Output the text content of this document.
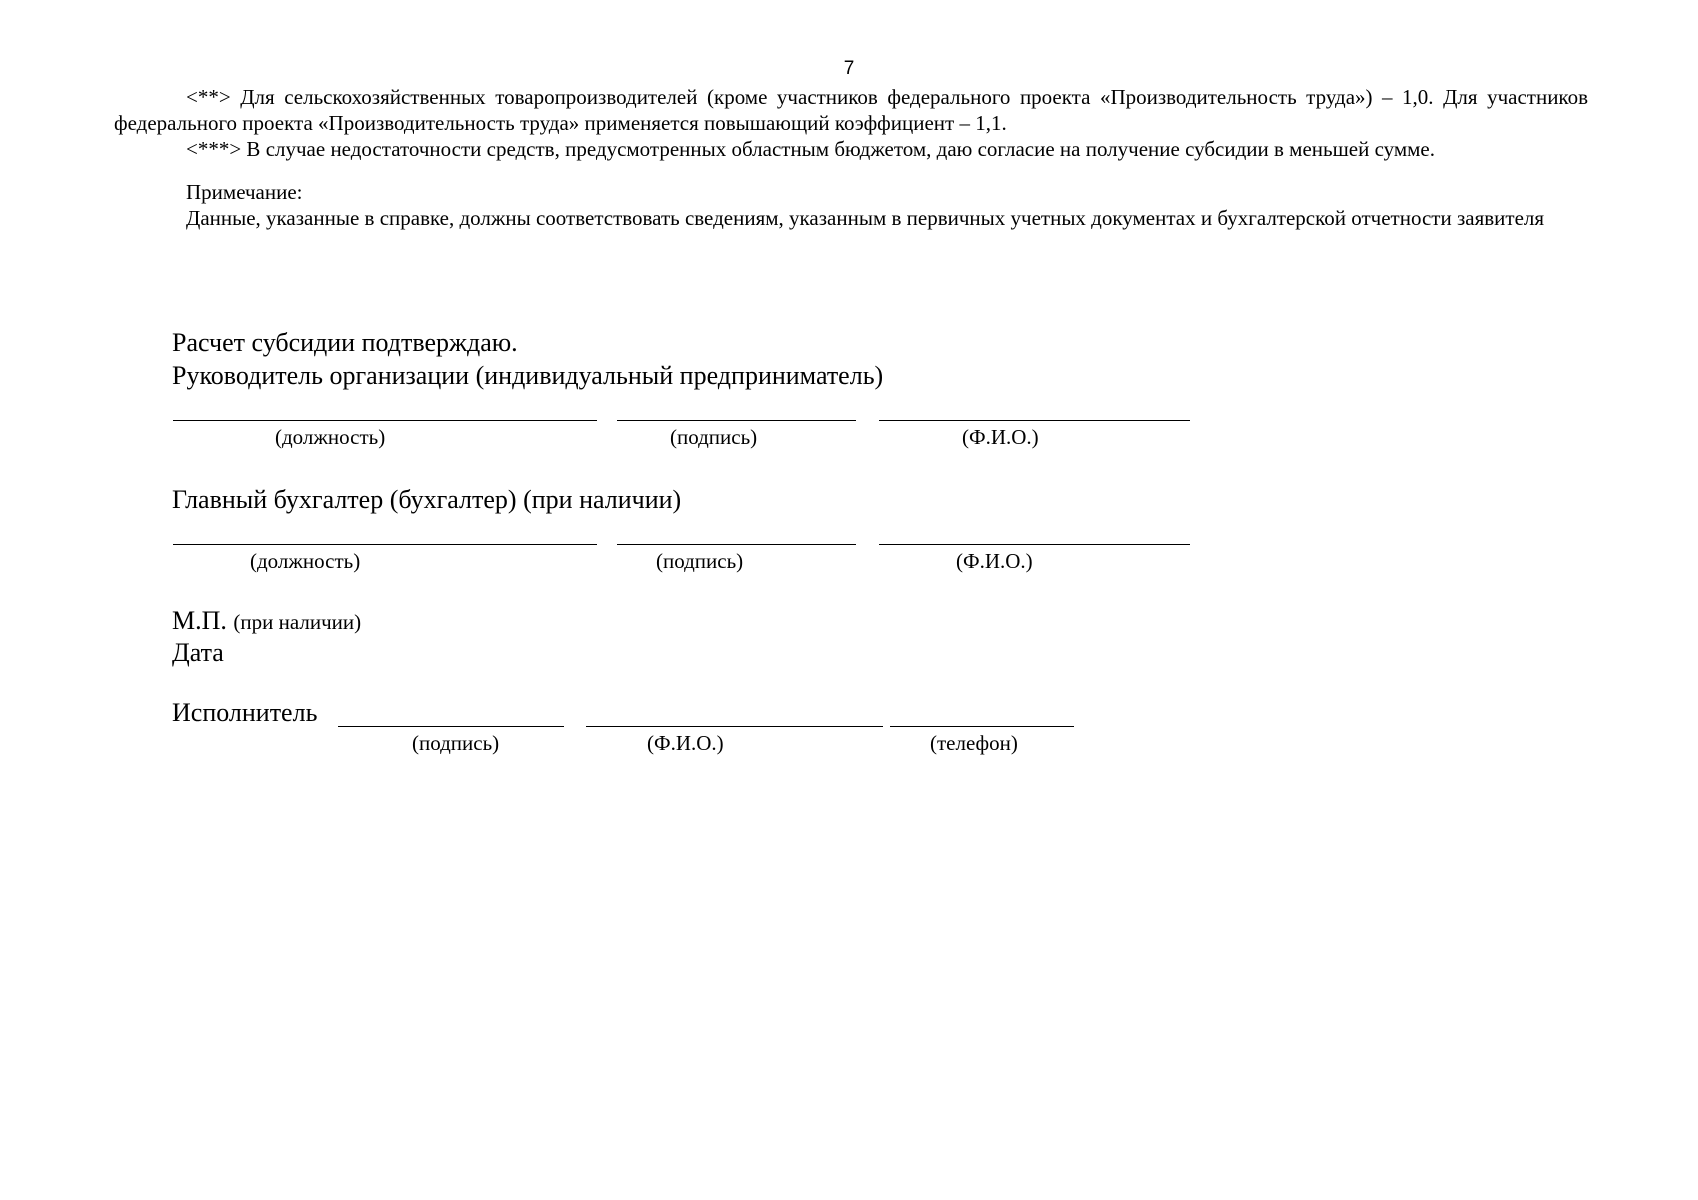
7

<**> Для сельскохозяйственных товаропроизводителей (кроме участников федерального проекта «Производительность труда») – 1,0. Для участников федерального проекта «Производительность труда» применяется повышающий коэффициент – 1,1.

<***> В случае недостаточности средств, предусмотренных областным бюджетом, даю согласие на получение субсидии в меньшей сумме.

Примечание:

Данные, указанные в справке, должны соответствовать сведениям, указанным в первичных учетных документах и бухгалтерской отчетности заявителя

Расчет субсидии подтверждаю.
Руководитель организации (индивидуальный предприниматель)
(должность)	(подпись)	(Ф.И.О.)
Главный бухгалтер (бухгалтер) (при наличии)
(должность)	(подпись)	(Ф.И.О.)
М.П. (при наличии)
Дата
Исполнитель
(подпись)	(Ф.И.О.)	(телефон)
